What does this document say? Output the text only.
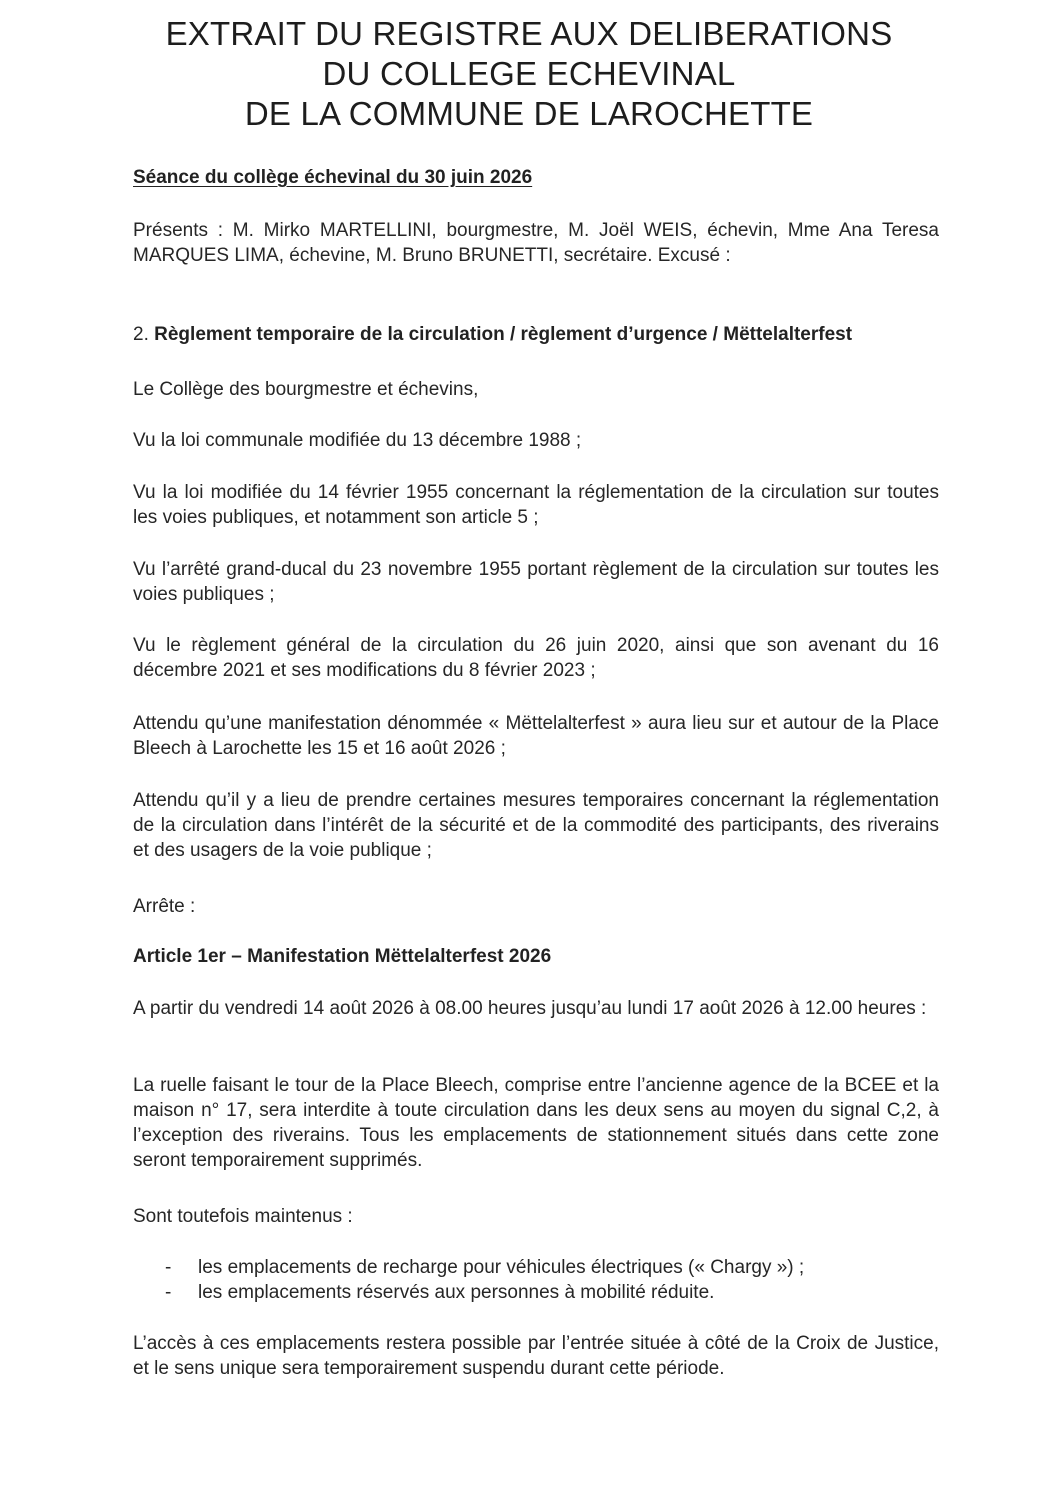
EXTRAIT DU REGISTRE AUX DELIBERATIONS
DU COLLEGE ECHEVINAL
DE LA COMMUNE DE LAROCHETTE
Séance du collège échevinal du 30 juin 2026
Présents : M. Mirko MARTELLINI, bourgmestre, M. Joël WEIS, échevin, Mme Ana Teresa MARQUES LIMA, échevine, M. Bruno BRUNETTI, secrétaire. Excusé :
2. Règlement temporaire de la circulation / règlement d’urgence / Mëttelalterfest
Le Collège des bourgmestre et échevins,
Vu la loi communale modifiée du 13 décembre 1988 ;
Vu la loi modifiée du 14 février 1955 concernant la réglementation de la circulation sur toutes les voies publiques, et notamment son article 5 ;
Vu l’arrêté grand-ducal du 23 novembre 1955 portant règlement de la circulation sur toutes les voies publiques ;
Vu le règlement général de la circulation du 26 juin 2020, ainsi que son avenant du 16 décembre 2021 et ses modifications du 8 février 2023 ;
Attendu qu’une manifestation dénommée « Mëttelalterfest » aura lieu sur et autour de la Place Bleech à Larochette les 15 et 16 août 2026 ;
Attendu qu’il y a lieu de prendre certaines mesures temporaires concernant la réglementation de la circulation dans l’intérêt de la sécurité et de la commodité des participants, des riverains et des usagers de la voie publique ;
Arrête :
Article 1er – Manifestation Mëttelalterfest 2026
A partir du vendredi 14 août 2026 à 08.00 heures jusqu’au lundi 17 août 2026 à 12.00 heures :
La ruelle faisant le tour de la Place Bleech, comprise entre l’ancienne agence de la BCEE et la maison n° 17, sera interdite à toute circulation dans les deux sens au moyen du signal C,2, à l’exception des riverains. Tous les emplacements de stationnement situés dans cette zone seront temporairement supprimés.
Sont toutefois maintenus :
-	les emplacements de recharge pour véhicules électriques (« Chargy ») ;
-	les emplacements réservés aux personnes à mobilité réduite.
L’accès à ces emplacements restera possible par l’entrée située à côté de la Croix de Justice, et le sens unique sera temporairement suspendu durant cette période.
